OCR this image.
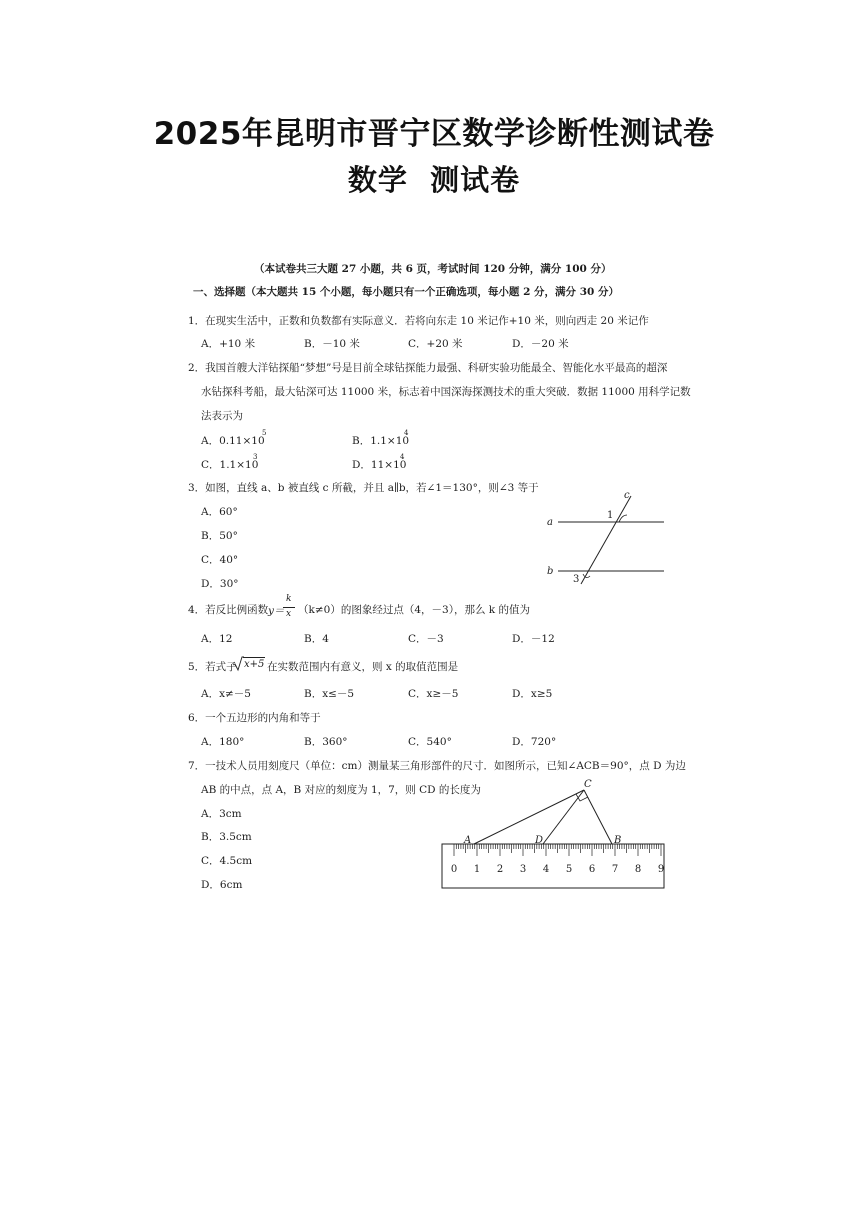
2025年昆明市晋宁区数学诊断性测试卷
数学  测试卷
（本试卷共三大题 27 小题，共 6 页，考试时间 120 分钟，满分 100 分）
一、选择题（本大题共 15 个小题，每小题只有一个正确选项，每小题 2 分，满分 30 分）
1．在现实生活中，正数和负数都有实际意义．若将向东走 10 米记作+10 米，则向西走 20 米记作
A．+10 米	B．－10 米	C．+20 米	D．－20 米
2．我国首艘大洋钻探船“梦想”号是目前全球钻探能力最强、科研实验功能最全、智能化水平最高的超深
水钻探科考船，最大钻深可达 11000 米，标志着中国深海探测技术的重大突破．数据 11000 用科学记数
法表示为
A．0.11×10
5
B．1.1×10
4
C．1.1×10
3
D．11×10
4
3．如图，直线 a、b 被直线 c 所截，并且 a∥b，若∠1＝130°，则∠3 等于
A．60°
B．50°
C．40°
D．30°
a
b
c
1
3
4．若反比例函数 y＝
k
x （k≠0）的图象经过点（4，－3），那么 k 的值为
A．12	B．4	C．－3	D．－12
5．若式子 x+5 在实数范围内有意义，则 x 的取值范围是
A．x≠－5	B．x≤－5	C．x≥－5	D．x≥5
6．一个五边形的内角和等于
A．180°	B．360°	C．540°	D．720°
7．一技术人员用刻度尺（单位：cm）测量某三角形部件的尺寸．如图所示，已知∠ACB＝90°，点 D 为边
AB 的中点，点 A，B 对应的刻度为 1，7，则 CD 的长度为
A．3cm
B．3.5cm
C．4.5cm
D．6cm
A	B
C
D
0 1 2 3 4 5 6 7 8 9
